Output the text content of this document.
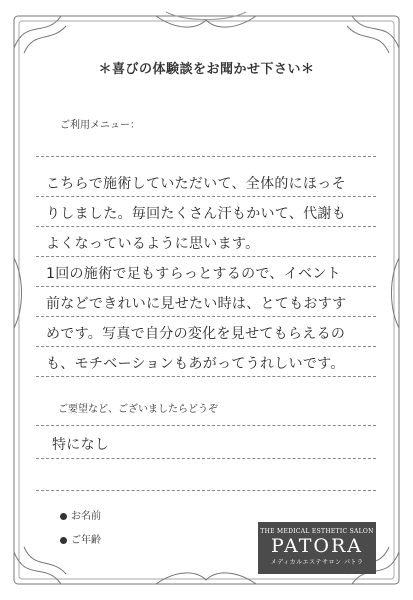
＊喜びの体験談をお聞かせ下さい＊
ご利用メニュー：
こちらで施術していただいて、全体的にほっそ
りしました。毎回たくさん汗もかいて、代謝も
よくなっているように思います。
1回の施術で足もすらっとするので、イベント
前などできれいに見せたい時は、とてもおすす
めです。写真で自分の変化を見せてもらえるの
も、モチベーションもあがってうれしいです。
ご要望など、ございましたらどうぞ
特になし
お名前
ご年齢
THE MEDICAL ESTHETIC SALON
PATORA
メディカルエステサロン パトラ
